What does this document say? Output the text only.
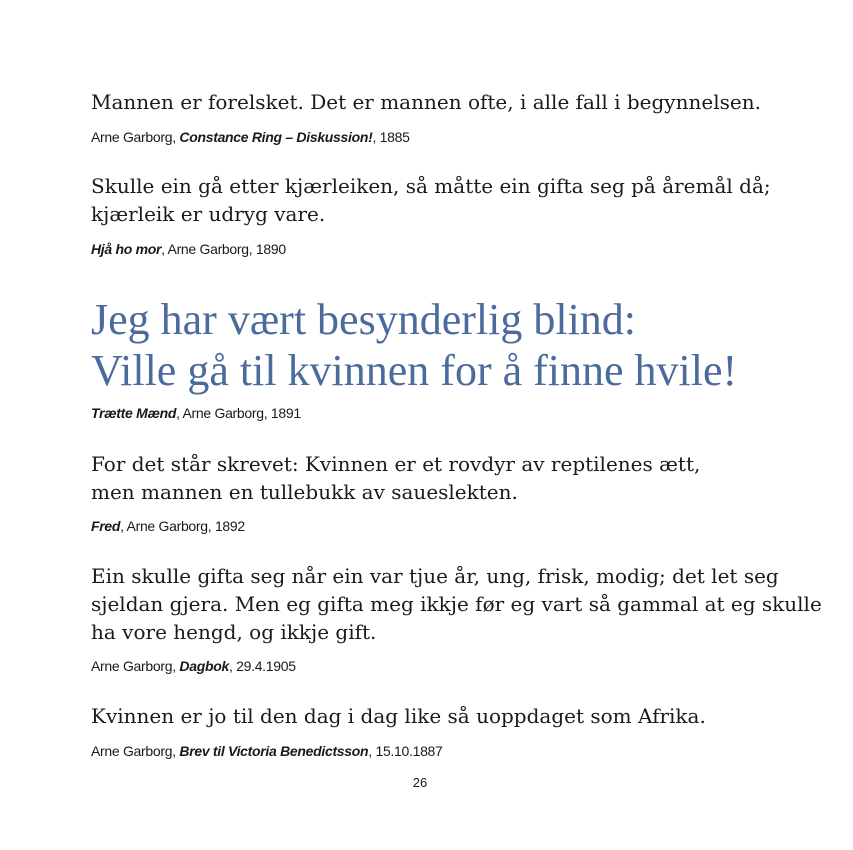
Mannen er forelsket. Det er mannen ofte, i alle fall i begynnelsen.

Arne Garborg, Constance Ring – Diskussion!, 1885

Skulle ein gå etter kjærleiken, så måtte ein gifta seg på åremål då;
kjærleik er udryg vare.

Hjå ho mor, Arne Garborg, 1890

Jeg har vært besynderlig blind:
Ville gå til kvinnen for å finne hvile!

Trætte Mænd, Arne Garborg, 1891

For det står skrevet: Kvinnen er et rovdyr av reptilenes ætt,
men mannen en tullebukk av saueslekten.

Fred, Arne Garborg, 1892

Ein skulle gifta seg når ein var tjue år, ung, frisk, modig; det let seg
sjeldan gjera. Men eg gifta meg ikkje før eg vart så gammal at eg skulle
ha vore hengd, og ikkje gift.

Arne Garborg, Dagbok, 29.4.1905

Kvinnen er jo til den dag i dag like så uoppdaget som Afrika.

Arne Garborg, Brev til Victoria Benedictsson, 15.10.1887

26
